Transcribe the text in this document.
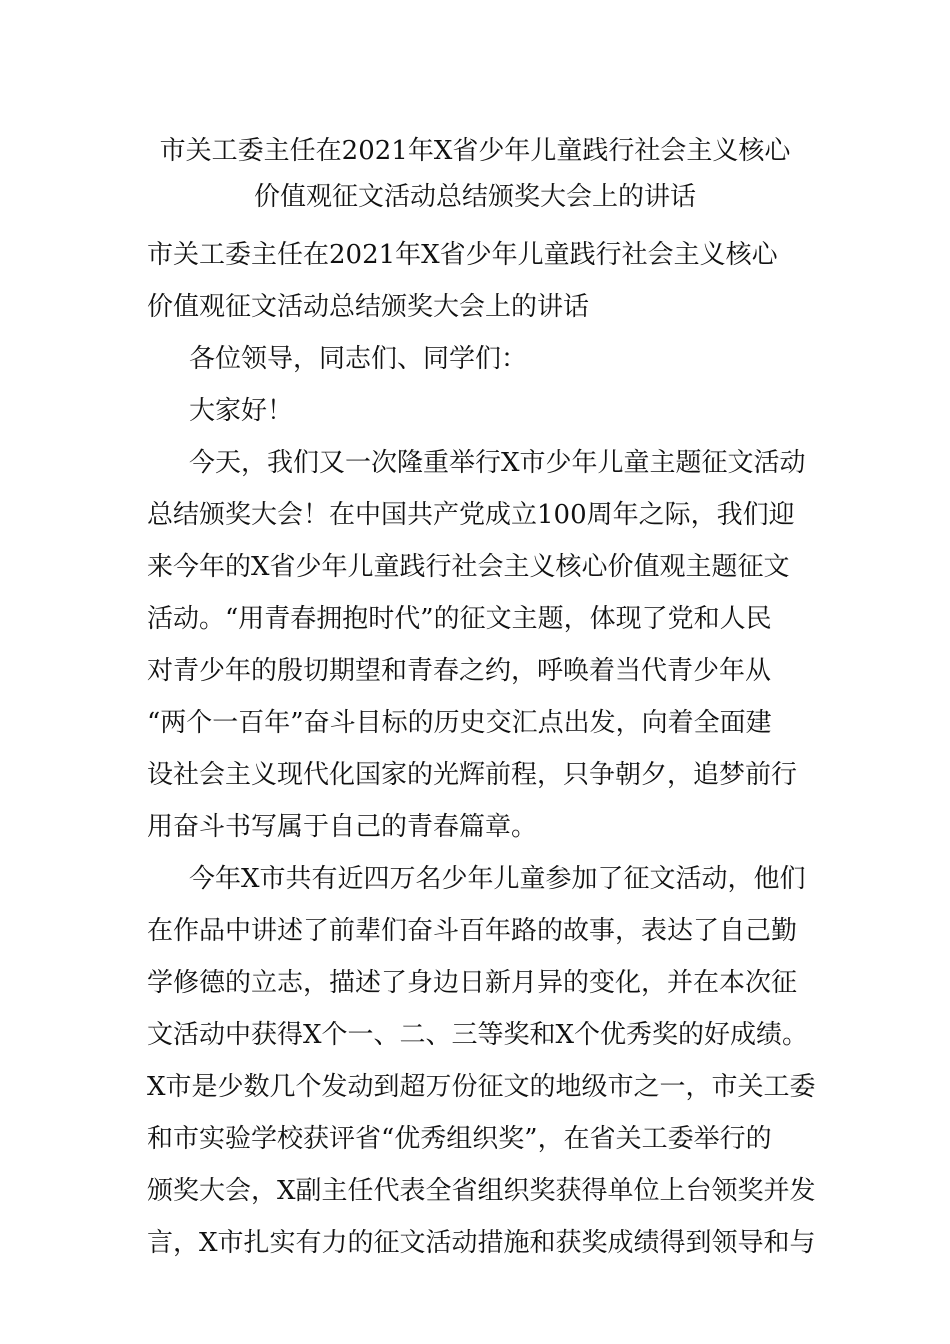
市关工委主任在2021年X省少年儿童践行社会主义核心
价值观征文活动总结颁奖大会上的讲话
市关工委主任在2021年X省少年儿童践行社会主义核心
价值观征文活动总结颁奖大会上的讲话
各位领导，同志们、同学们：
大家好！
今天，我们又一次隆重举行X市少年儿童主题征文活动
总结颁奖大会！在中国共产党成立100周年之际，我们迎
来今年的X省少年儿童践行社会主义核心价值观主题征文
活动。“用青春拥抱时代”的征文主题，体现了党和人民
对青少年的殷切期望和青春之约，呼唤着当代青少年从
“两个一百年”奋斗目标的历史交汇点出发，向着全面建
设社会主义现代化国家的光辉前程，只争朝夕，追梦前行
用奋斗书写属于自己的青春篇章。
今年X市共有近四万名少年儿童参加了征文活动，他们
在作品中讲述了前辈们奋斗百年路的故事，表达了自己勤
学修德的立志，描述了身边日新月异的变化，并在本次征
文活动中获得X个一、二、三等奖和X个优秀奖的好成绩。
X市是少数几个发动到超万份征文的地级市之一，市关工委
和市实验学校获评省“优秀组织奖”，在省关工委举行的
颁奖大会，X副主任代表全省组织奖获得单位上台领奖并发
言，X市扎实有力的征文活动措施和获奖成绩得到领导和与
